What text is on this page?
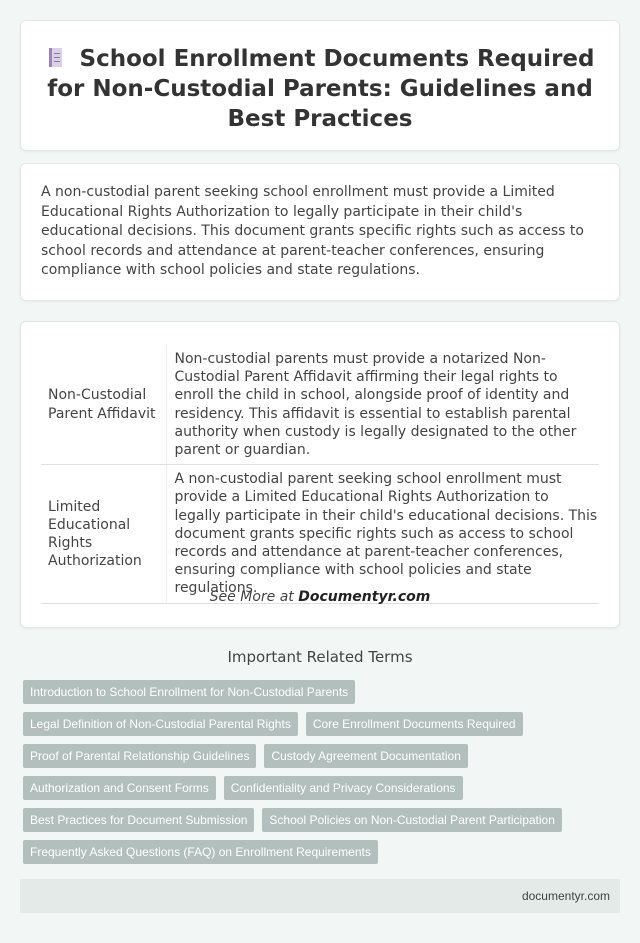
School Enrollment Documents Required for Non-Custodial Parents: Guidelines and Best Practices

A non-custodial parent seeking school enrollment must provide a Limited Educational Rights Authorization to legally participate in their child's educational decisions. This document grants specific rights such as access to school records and attendance at parent-teacher conferences, ensuring compliance with school policies and state regulations.

Non-Custodial Parent Affidavit	Non-custodial parents must provide a notarized Non-Custodial Parent Affidavit affirming their legal rights to enroll the child in school, alongside proof of identity and residency. This affidavit is essential to establish parental authority when custody is legally designated to the other parent or guardian.
Limited Educational Rights Authorization	A non-custodial parent seeking school enrollment must provide a Limited Educational Rights Authorization to legally participate in their child's educational decisions. This document grants specific rights such as access to school records and attendance at parent-teacher conferences, ensuring compliance with school policies and state regulations.
See More at Documentyr.com
Important Related Terms
Introduction to School Enrollment for Non-Custodial Parents
Legal Definition of Non-Custodial Parental Rights	Core Enrollment Documents Required
Proof of Parental Relationship Guidelines	Custody Agreement Documentation
Authorization and Consent Forms	Confidentiality and Privacy Considerations
Best Practices for Document Submission	School Policies on Non-Custodial Parent Participation
Frequently Asked Questions (FAQ) on Enrollment Requirements
documentyr.com
